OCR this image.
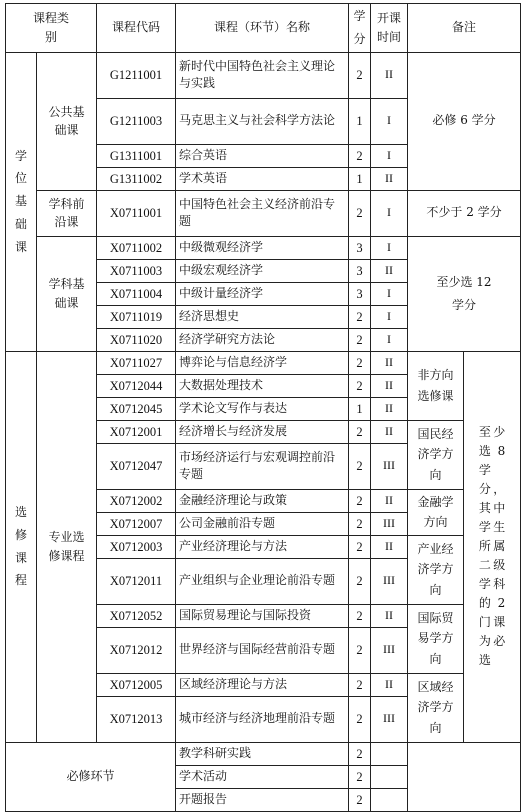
课程类别		课程代码	课程（环节）名称	学分	开课时间	备注	

学位基础课	公共基础课	G1211001	新时代中国特色社会主义理论与实践	2	II	必修 6 学分	
		G1211003	马克思主义与社会科学方法论	1	I		
		G1311001	综合英语	2	I		
		G1311002	学术英语	1	II		

	学科前沿课	X0711001	中国特色社会主义经济前沿专题	2	I	不少于 2 学分	

	学科基础课	X0711002	中级微观经济学	3	I	至少选 12 学分	

		X0711003	中级宏观经济学	3	II		
		X0711004	中级计量经济学	3	I		
		X0711019	经济思想史	2	I		
		X0711020	经济学研究方法论	2	I		

选修课程	专业选修课程	X0711027	博弈论与信息经济学	2	II	非方向选修课	至少选 8 学分，其中学生所属二级学科的 2 门课为必选

		X0712044	大数据处理技术	2	II		
		X0712045	学术论文写作与表达	1	II		
		X0712001	经济增长与经济发展	2	II	国民经济学方向	

		X0712047	市场经济运行与宏观调控前沿专题	2	III		
		X0712002	金融经济理论与政策	2	II	金融学方向	

		X0712007	公司金融前沿专题	2	III		
		X0712003	产业经济理论与方法	2	II	产业经济学方向	

		X0712011	产业组织与企业理论前沿专题	2	III		
		X0712052	国际贸易理论与国际投资	2	II	国际贸易学方向	

		X0712012	世界经济与国际经营前沿专题	2	III		
		X0712005	区域经济理论与方法	2	II	区域经济学方向	

		X0712013	城市经济与经济地理前沿专题	2	III		
必修环节			教学科研实践	2			
			学术活动	2			
			开题报告	2			
